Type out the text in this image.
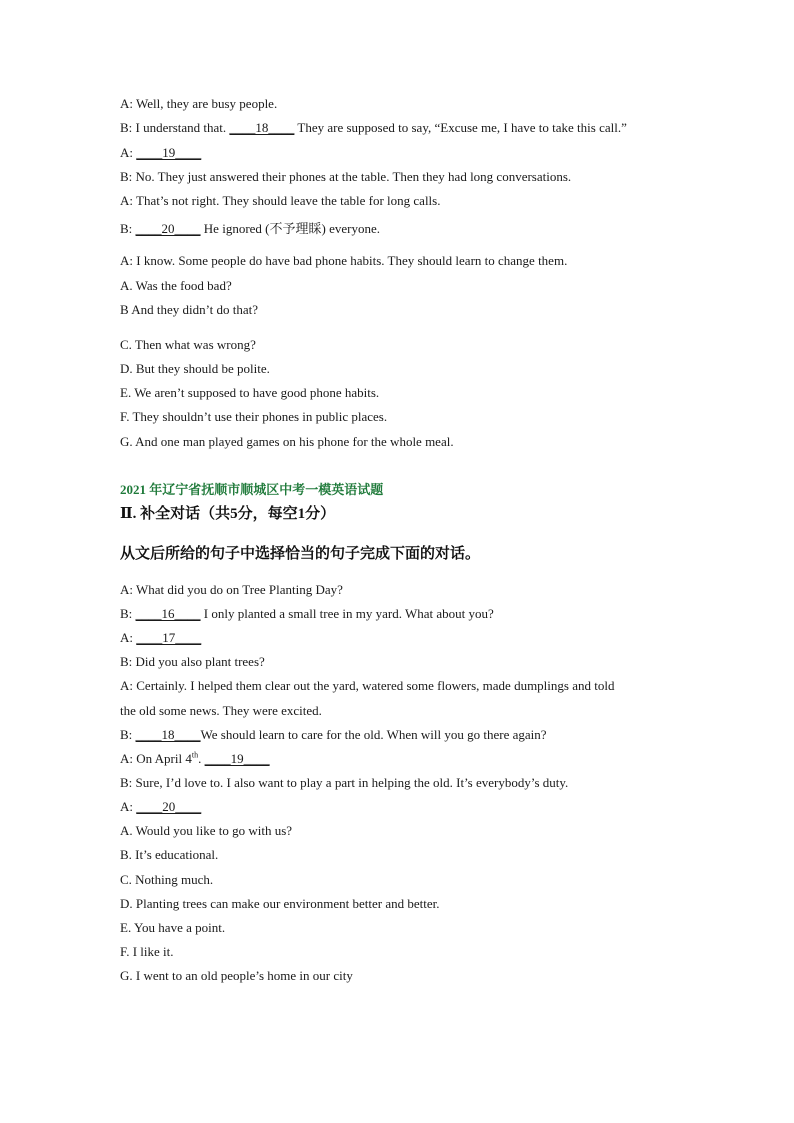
A: Well, they are busy people.
B: I understand that. ____18____ They are supposed to say, “Excuse me, I have to take this call.”
A: ____19____
B: No. They just answered their phones at the table. Then they had long conversations.
A: That’s not right. They should leave the table for long calls.
B: ____20____ He ignored (不予理睬) everyone.
A: I know. Some people do have bad phone habits. They should learn to change them.
A. Was the food bad?
B And they didn’t do that?
C. Then what was wrong?
D. But they should be polite.
E. We aren’t supposed to have good phone habits.
F. They shouldn’t use their phones in public places.
G. And one man played games on his phone for the whole meal.
2021 年辽宁省抚顺市顺城区中考一模英语试题
Ⅱ. 补全对话（共5分，每空1分）
从文后所给的句子中选择恰当的句子完成下面的对话。
A: What did you do on Tree Planting Day?
B: ____16____ I only planted a small tree in my yard. What about you?
A: ____17____
B: Did you also plant trees?
A: Certainly. I helped them clear out the yard, watered some flowers, made dumplings and told
the old some news. They were excited.
B: ____18____We should learn to care for the old. When will you go there again?
A: On April 4th. ____19____
B: Sure, I’d love to. I also want to play a part in helping the old. It’s everybody’s duty.
A: ____20____
A. Would you like to go with us?
B. It’s educational.
C. Nothing much.
D. Planting trees can make our environment better and better.
E. You have a point.
F. I like it.
G. I went to an old people’s home in our city
